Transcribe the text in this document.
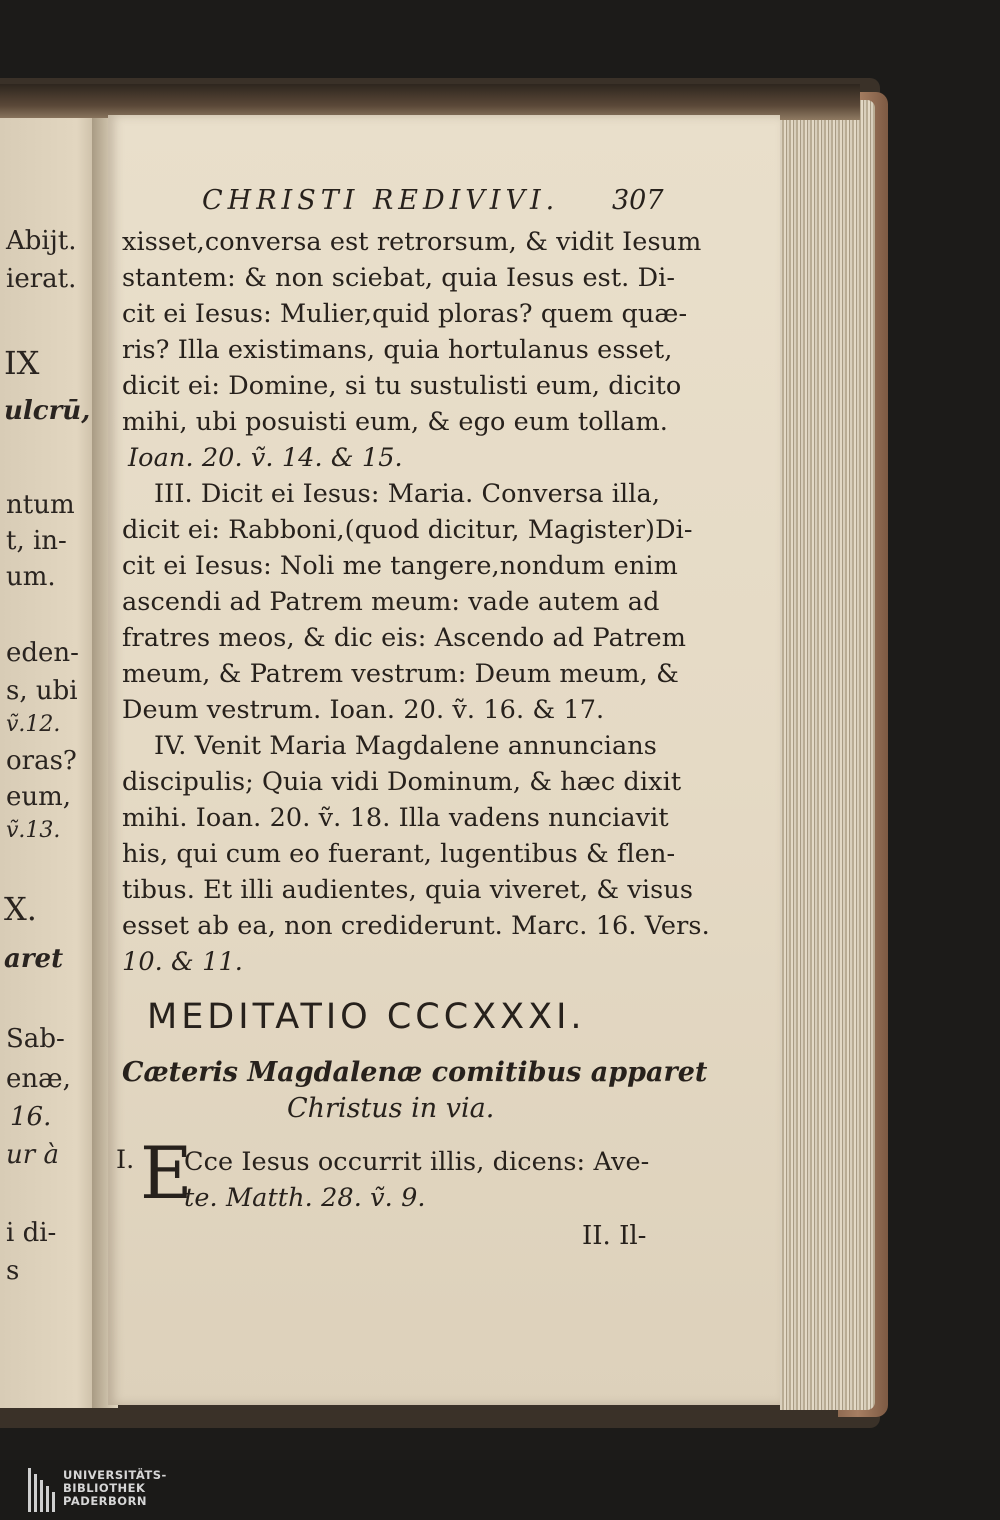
Abijt.
ierat.
IX
ulcrū,
ntum
t, in-
um.
eden-
s, ubi
ṽ.12.
oras?
eum,
ṽ.13.
X.
aret
Sab-
enæ,
16.
ur à
i di-
s
CHRISTI REDIVIVI. 307
xisset,conversa est retrorsum, & vidit Iesum
stantem: & non sciebat, quia Iesus est. Di-
cit ei Iesus: Mulier,quid ploras? quem quæ-
ris? Illa existimans, quia hortulanus esset,
dicit ei: Domine, si tu sustulisti eum, dicito
mihi, ubi posuisti eum, & ego eum tollam.
Ioan. 20. ṽ. 14. & 15.
III. Dicit ei Iesus: Maria. Conversa illa,
dicit ei: Rabboni,(quod dicitur, Magister)Di-
cit ei Iesus: Noli me tangere,nondum enim
ascendi ad Patrem meum: vade autem ad
fratres meos, & dic eis: Ascendo ad Patrem
meum, & Patrem vestrum: Deum meum, &
Deum vestrum. Ioan. 20. ṽ. 16. & 17.
IV. Venit Maria Magdalene annuncians
discipulis; Quia vidi Dominum, & hæc dixit
mihi. Ioan. 20. ṽ. 18. Illa vadens nunciavit
his, qui cum eo fuerant, lugentibus & flen-
tibus. Et illi audientes, quia viveret, & visus
esset ab ea, non crediderunt. Marc. 16. Vers.
10. & 11.
MEDITATIO CCCXXXI.
Cæteris Magdalenæ comitibus apparet
Christus in via.
I. E
Cce Iesus occurrit illis, dicens: Ave-
te. Matth. 28. ṽ. 9.
II. Il-
UNIVERSITÄTS-
BIBLIOTHEK
PADERBORN
